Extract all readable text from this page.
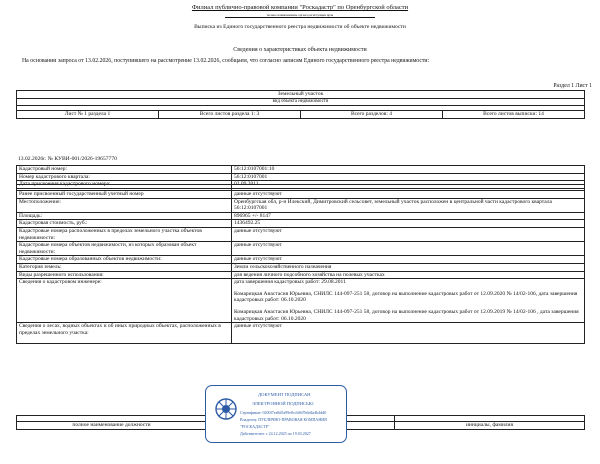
Филиал публично-правовой компании "Роскадастр" по Оренбургской области
полное наименование органа регистрации прав
Выписка из Единого государственного реестра недвижимости об объекте недвижимости
Сведения о характеристиках объекта недвижимости
На основании запроса от 13.02.2026, поступившего на рассмотрение 13.02.2026, сообщаем, что согласно записям Единого государственного реестра недвижимости:
Раздел 1 Лист 1
Земельный участок
вид объекта недвижимости

Лист № 1 раздела 1	Всего листов раздела 1: 3	Всего разделов: 4	Всего листов выписки: 14
13.02.2026г. № КУВИ-001/2026-19657770
Кадастровый номер:	56:12:0107001:10
Номер кадастрового квартала:	56:12:0107001
Дата присвоения кадастрового номера:	02.09.2011

Ранее присвоенный государственный учетный номер	данные отсутствуют
Местоположение:	Оренбургская обл, р-н Илекский, Димитровский сельсовет, земельный участок расположен в центральной части кадастрового квартала 56:12:0107001
Площадь:	896965 +/- 8147
Кадастровая стоимость, руб.:	1436492.25
Кадастровые номера расположенных в пределах земельного участка объектов недвижимости:	данные отсутствуют
Кадастровые номера объектов недвижимости, из которых образован объект недвижимости:	данные отсутствуют
Кадастровые номера образованных объектов недвижимости:	данные отсутствуют
Категория земель:	Земли сельскохозяйственного назначения
Виды разрешенного использования:	для ведения личного подсобного хозяйства на полевых участках
Сведения о кадастровом инженере:	дата завершения кадастровых работ: 29.08.2011
Комарицкая Анастасия Юрьевна, СНИЛС 144-097-251 58, договор на выполнение кадастровых работ от 12.09.2020 № 14/02-106, дата завершения кадастровых работ: 06.10.2020
Комарицкая Анастасия Юрьевна, СНИЛС 144-097-251 58, договор на выполнение кадастровых работ от 12.09.2019 № 14/02-106 , дата завершения кадастровых работ: 06.10.2020

Сведения о лесах, водных объектах и об иных природных объектах, расположенных в пределах земельного участка:	данные отсутствуют

полное наименование должности		инициалы, фамилия
ДОКУМЕНТ ПОДПИСАН
ЭЛЕКТРОННОЙ ПОДПИСЬЮ
Сертификат: 0200f7ea8d5a99e8ccb8d7b6d4a4b4dd0
Владелец: ПУБЛИЧНО-ПРАВОВАЯ КОМПАНИЯ
"РОСКАДАСТР"
Действителен: с 24.12.2025 по 19.03.2027
